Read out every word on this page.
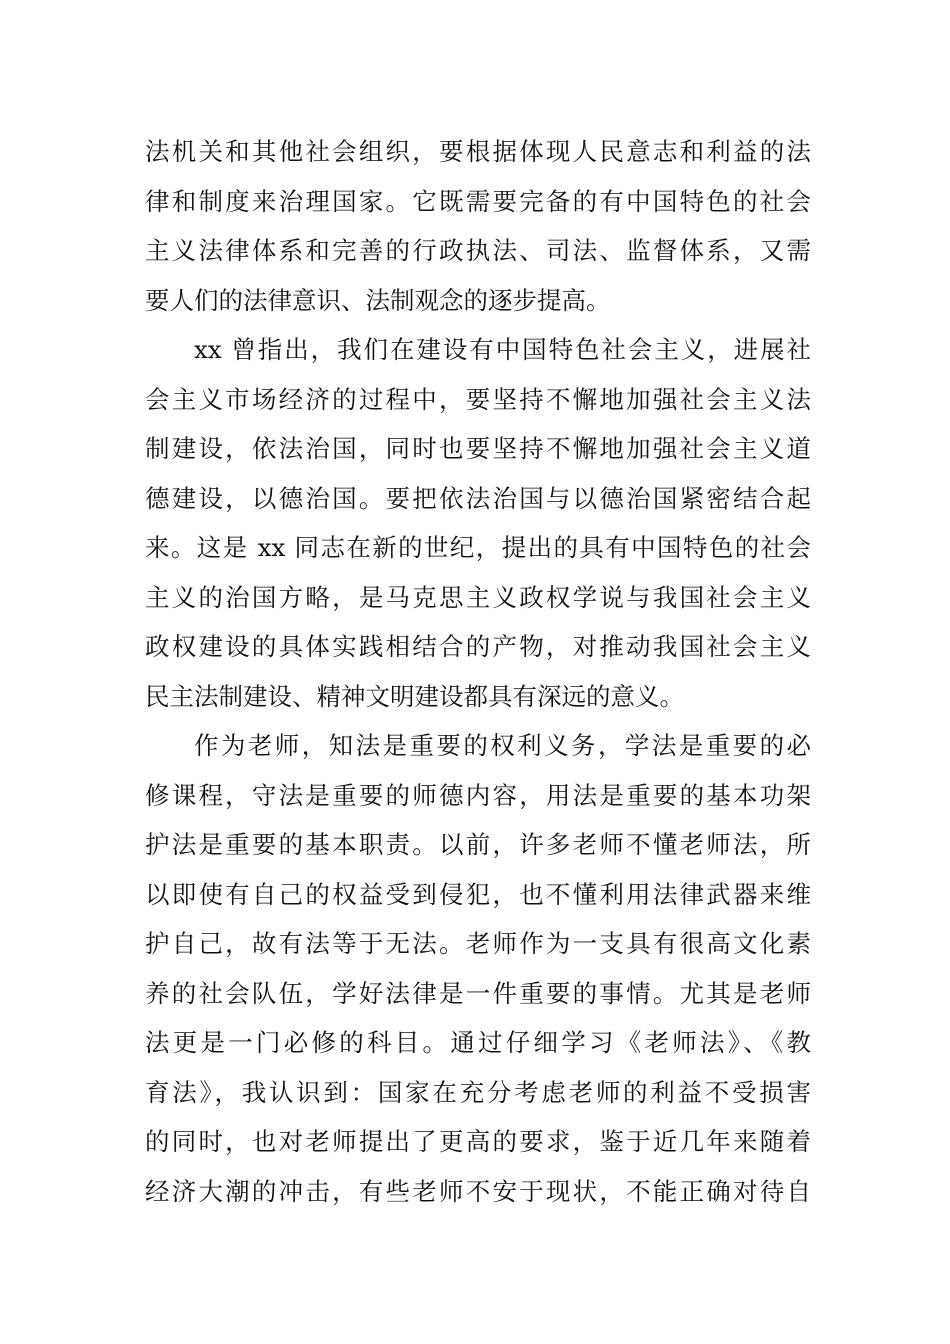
法机关和其他社会组织，要根据体现人民意志和利益的法
律和制度来治理国家。它既需要完备的有中国特色的社会
主义法律体系和完善的行政执法、司法、监督体系，又需
要人们的法律意识、法制观念的逐步提高。
xx 曾指出，我们在建设有中国特色社会主义，进展社
会主义市场经济的过程中，要坚持不懈地加强社会主义法
制建设，依法治国，同时也要坚持不懈地加强社会主义道
德建设，以德治国。要把依法治国与以德治国紧密结合起
来。这是 xx 同志在新的世纪，提出的具有中国特色的社会
主义的治国方略，是马克思主义政权学说与我国社会主义
政权建设的具体实践相结合的产物，对推动我国社会主义
民主法制建设、精神文明建设都具有深远的意义。
作为老师，知法是重要的权利义务，学法是重要的必
修课程，守法是重要的师德内容，用法是重要的基本功架
护法是重要的基本职责。以前，许多老师不懂老师法，所
以即使有自己的权益受到侵犯，也不懂利用法律武器来维
护自己，故有法等于无法。老师作为一支具有很高文化素
养的社会队伍，学好法律是一件重要的事情。尤其是老师
法更是一门必修的科目。通过仔细学习《老师法》、《教
育法》，我认识到：国家在充分考虑老师的利益不受损害
的同时，也对老师提出了更高的要求，鉴于近几年来随着
经济大潮的冲击，有些老师不安于现状，不能正确对待自
